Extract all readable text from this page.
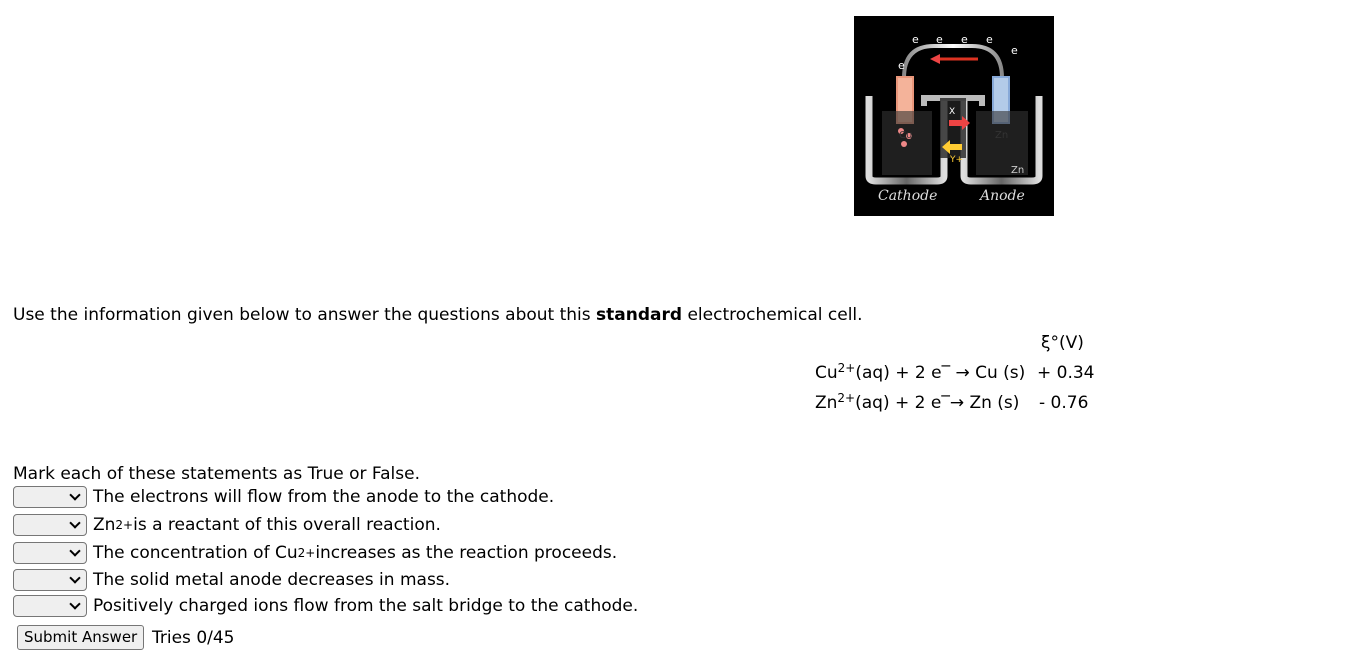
e e e e
e
e
Cu	Zn
Zn
X
Y+
Cathode	Anode
Use the information given below to answer the questions about this standard electrochemical cell.
ξ°(V)
$Cu^{2+}(aq) + 2$ e‾ → Cu (s) + 0.34
$Zn^{2+}(aq) + 2$ e‾→ Zn (s) - 0.76
Mark each of these statements as True or False.
The electrons will flow from the anode to the cathode.
Zn 2+ is a reactant of this overall reaction.
The concentration of Cu 2+ increases as the reaction proceeds.
The solid metal anode decreases in mass.
Positively charged ions flow from the salt bridge to the cathode.
Submit Answer Tries 0/45
